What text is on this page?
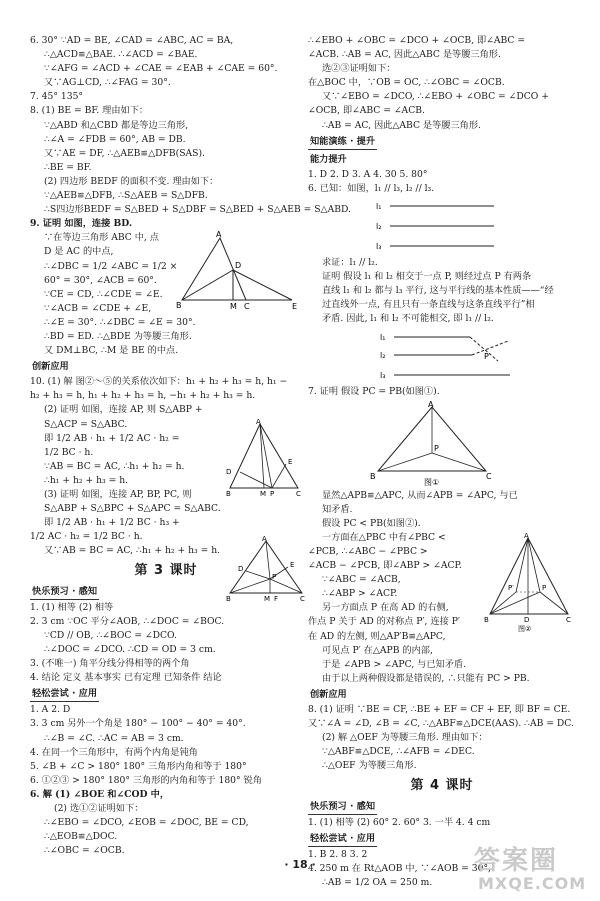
6. 30° ∵AD = BE, ∠CAD = ∠ABC, AC = BA,
∴△ACD≌△BAE. ∴∠ACD = ∠BAE.
∵∠AFG = ∠ACD + ∠CAE = ∠EAB + ∠CAE = 60°.
又∵AG⊥CD, ∴∠FAG = 30°.
7. 45° 135°
8. (1) BE = BF. 理由如下：
∵△ABD 和△CBD 都是等边三角形,
∴∠A = ∠FDB = 60°, AB = DB.
又∵AE = DF, ∴△AEB≌△DFB(SAS).
∴BE = BF.
(2) 四边形 BEDF 的面积不变. 理由如下：
∵△AEB≌△DFB, ∴S△AEB = S△DFB.
∴S四边形BEDF = S△BED + S△DBF = S△BED + S△AEB = S△ABD.
9. 证明 如图，连接 BD.
A
D
B	M C	E
∵在等边三角形 ABC 中, 点
D 是 AC 的中点,
∴∠DBC = 1/2 ∠ABC = 1/2 ×
60° = 30°, ∠ACB = 60°.
∵CE = CD, ∴∠CDE = ∠E.
∵∠ACB = ∠CDE + ∠E,
∴∠E = 30°. ∴∠DBC = ∠E = 30°.
∴BD = ED. ∴△BDE 为等腰三角形.
又 DM⊥BC, ∴M 是 BE 的中点.
创新应用
10. (1) 解 图②～⑤的关系依次如下：h₁ + h₂ + h₃ = h, h₁ −
h₂ + h₃ = h, h₁ + h₂ + h₃ = h, −h₁ + h₂ + h₃ = h.
(2) 证明 如图，连接 AP, 则 S△ABP +
S△ACP = S△ABC.	A
D
E
B	M P	C
即 1/2 AB · h₁ + 1/2 AC · h₂ =
1/2 BC · h.
∵AB = BC = AC, ∴h₁ + h₂ = h.
∴h₁ + h₂ + h₃ = h.
(3) 证明 如图，连接 AP, BP, PC, 则
S△ABP + S△BPC + S△APC = S△ABC.
即 1/2 AB · h₁ + 1/2 BC · h₃ +
1/2 AC · h₂ = 1/2 BC · h.
又∵AB = BC = AC, ∴h₁ + h₂ + h₃ = h.
A
D	E
P
B	M F	C
第 3 课时
快乐预习 · 感知
1. (1) 相等 (2) 相等
2. 3 cm ∵OC 平分∠AOB, ∴∠DOC = ∠BOC.
∵CD // OB, ∴∠BOC = ∠DCO.
∴∠DOC = ∠DCO. ∴CD = OD = 3 cm.
3. (不唯一) 角平分线分得相等的两个角
4. 结论 定义 基本事实 已有定理 已知条件 结论
轻松尝试 · 应用
1. A 2. D
3. 3 cm 另外一个角是 180° − 100° − 40° = 40°.
∴∠B = ∠C. ∴AC = AB = 3 cm.
4. 在同一个三角形中，有两个内角是钝角
5. ∠B + ∠C > 180° 180° 三角形内角和等于 180°
6. ①②③ > 180° 180° 三角形的内角和等于 180° 锐角
6. 解 (1) ∠BOE 和∠COD 中，
(2) 选①②证明如下：
∴∠EBO = ∠DCO, ∠EOB = ∠DOC, BE = CD,
∴△EOB≌△DOC.
∴∠OBC = ∠OCB.
∴∠EBO + ∠OBC = ∠DCO + ∠OCB, 即∠ABC =
∠ACB. ∴AB = AC, 因此△ABC 是等腰三角形.
选②③证明如下：
在△BOC 中，∵OB = OC, ∴∠OBC = ∠OCB.
又∵∠EBO = ∠DCO, ∴∠EBO + ∠OBC = ∠DCO +
∠OCB, 即∠ABC = ∠ACB.
∴AB = AC, 因此△ABC 是等腰三角形.
知能演练 · 提升
能力提升
1. D 2. D 3. A 4. 30 5. 80°
6. 已知：如图，l₁ // l₃, l₂ // l₃.
l₁
l₂
l₃
求证：l₁ // l₂.
证明 假设 l₁ 和 l₂ 相交于一点 P, 则经过点 P 有两条
直线 l₁ 和 l₂ 都与 l₃ 平行, 这与平行线的基本性质——“经
过直线外一点, 有且只有一条直线与这条直线平行”相
矛盾. 因此, l₁ 和 l₂ 不可能相交, 即 l₁ // l₂.
l₁
l₂
l₃
P
7. 证明 假设 PC = PB(如图①).
A
P
B	C
图①
A
P′	P
B	D	C
图②
显然△APB≌△APC, 从而∠APB = ∠APC, 与已
知矛盾.
假设 PC < PB(如图②).
一方面在△PBC 中有∠PBC <
∠PCB, ∴∠ABC − ∠PBC >
∠ACB − ∠PCB, 即∠ABP > ∠ACP.
∵∠ABC = ∠ACB,
∴∠ABP > ∠ACP.
另一方面点 P 在高 AD 的右侧,
作点 P 关于 AD 的对称点 P′, 连接 P′
在 AD 的左侧, 则△AP′B≌△APC,
可见点 P′ 在△APB 的内部,
于是 ∠APB > ∠APC, 与已知矛盾.
由于以上两种假设都是错误的, ∴只能有 PC > PB.
创新应用
8. (1) 证明 ∵BE = CF, ∴BE + EF = CF + EF, 即 BF = CE.
又∵∠A = ∠D, ∠B = ∠C, ∴△ABF≌△DCE(AAS). ∴AB = DC.
(2) 解 △OEF 为等腰三角形. 理由如下：
∵△ABF≌△DCE, ∴∠AFB = ∠DEC.
∴△OEF 为等腰三角形.
第 4 课时
快乐预习 · 感知
1. (1) 相等 (2) 60° 2. 60° 3. 一半 4. 4 cm
轻松尝试 · 应用
1. B 2. 8 3. 2
4. 250 m 在 Rt△AOB 中, ∵∠AOB = 30°,
∴AB = 1/2 OA = 250 m.
· 18 ·	答案圈
MXQE.COM
